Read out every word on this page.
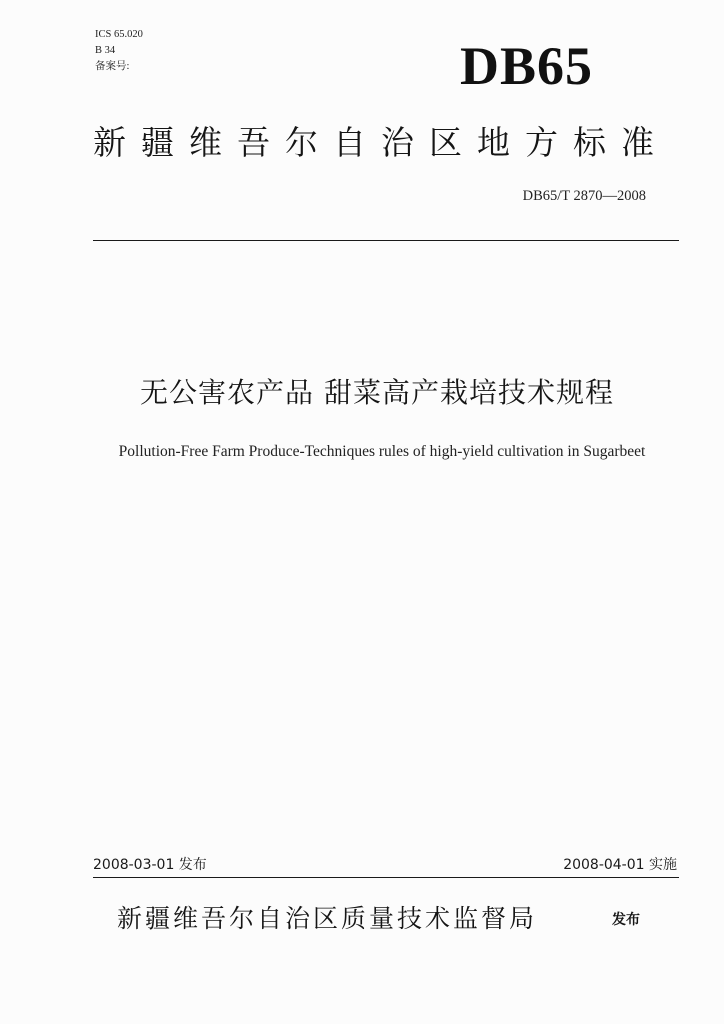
ICS 65.020
B 34
备案号:	DB65
新疆维吾尔自治区地方标准
DB65/T 2870—2008
无公害农产品 甜菜高产栽培技术规程
Pollution-Free Farm Produce-Techniques rules of high-yield cultivation in Sugarbeet
2008-03-01 发布	2008-04-01 实施
新疆维吾尔自治区质量技术监督局	发布
